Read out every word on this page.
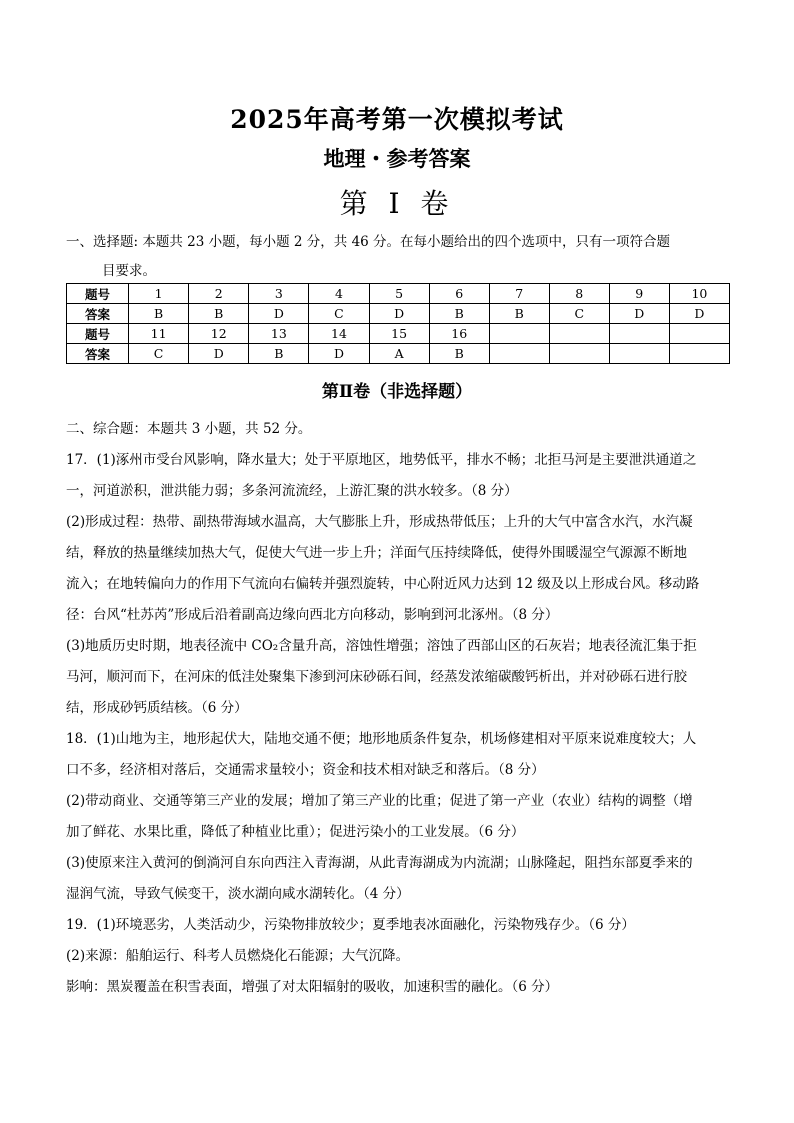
2025年高考第一次模拟考试
地理・参考答案
第 I 卷
一、选择题: 本题共 23 小题，每小题 2 分，共 46 分。在每小题给出的四个选项中，只有一项符合题
目要求。
题号	1	2	3	4	5	6	7	8	9	10
答案	B	B	D	C	D	B	B	C	D	D
题号	11	12	13	14	15	16				
答案	C	D	B	D	A	B				
第Ⅱ卷（非选择题）

二、综合题：本题共 3 小题，共 52 分。

17．(1)涿州市受台风影响，降水量大；处于平原地区，地势低平，排水不畅；北拒马河是主要泄洪通道之

一，河道淤积，泄洪能力弱；多条河流流经，上游汇聚的洪水较多。（8 分）

(2)形成过程：热带、副热带海域水温高，大气膨胀上升，形成热带低压；上升的大气中富含水汽，水汽凝

结，释放的热量继续加热大气，促使大气进一步上升；洋面气压持续降低，使得外围暖湿空气源源不断地

流入；在地转偏向力的作用下气流向右偏转并强烈旋转，中心附近风力达到 12 级及以上形成台风。移动路

径：台风“杜苏芮”形成后沿着副高边缘向西北方向移动，影响到河北涿州。（8 分）

(3)地质历史时期，地表径流中 CO₂含量升高，溶蚀性增强；溶蚀了西部山区的石灰岩；地表径流汇集于拒

马河，顺河而下，在河床的低洼处聚集下渗到河床砂砾石间，经蒸发浓缩碳酸钙析出，并对砂砾石进行胶

结，形成砂钙质结核。（6 分）

18．(1)山地为主，地形起伏大，陆地交通不便；地形地质条件复杂，机场修建相对平原来说难度较大；人

口不多，经济相对落后，交通需求量较小；资金和技术相对缺乏和落后。（8 分）

(2)带动商业、交通等第三产业的发展；增加了第三产业的比重；促进了第一产业（农业）结构的调整（增

加了鲜花、水果比重，降低了种植业比重）；促进污染小的工业发展。（6 分）

(3)使原来注入黄河的倒淌河自东向西注入青海湖，从此青海湖成为内流湖；山脉隆起，阻挡东部夏季来的

湿润气流，导致气候变干，淡水湖向咸水湖转化。（4 分）

19．(1)环境恶劣，人类活动少，污染物排放较少；夏季地表冰面融化，污染物残存少。（6 分）

(2)来源：船舶运行、科考人员燃烧化石能源；大气沉降。

影响：黑炭覆盖在积雪表面，增强了对太阳辐射的吸收，加速积雪的融化。（6 分）
